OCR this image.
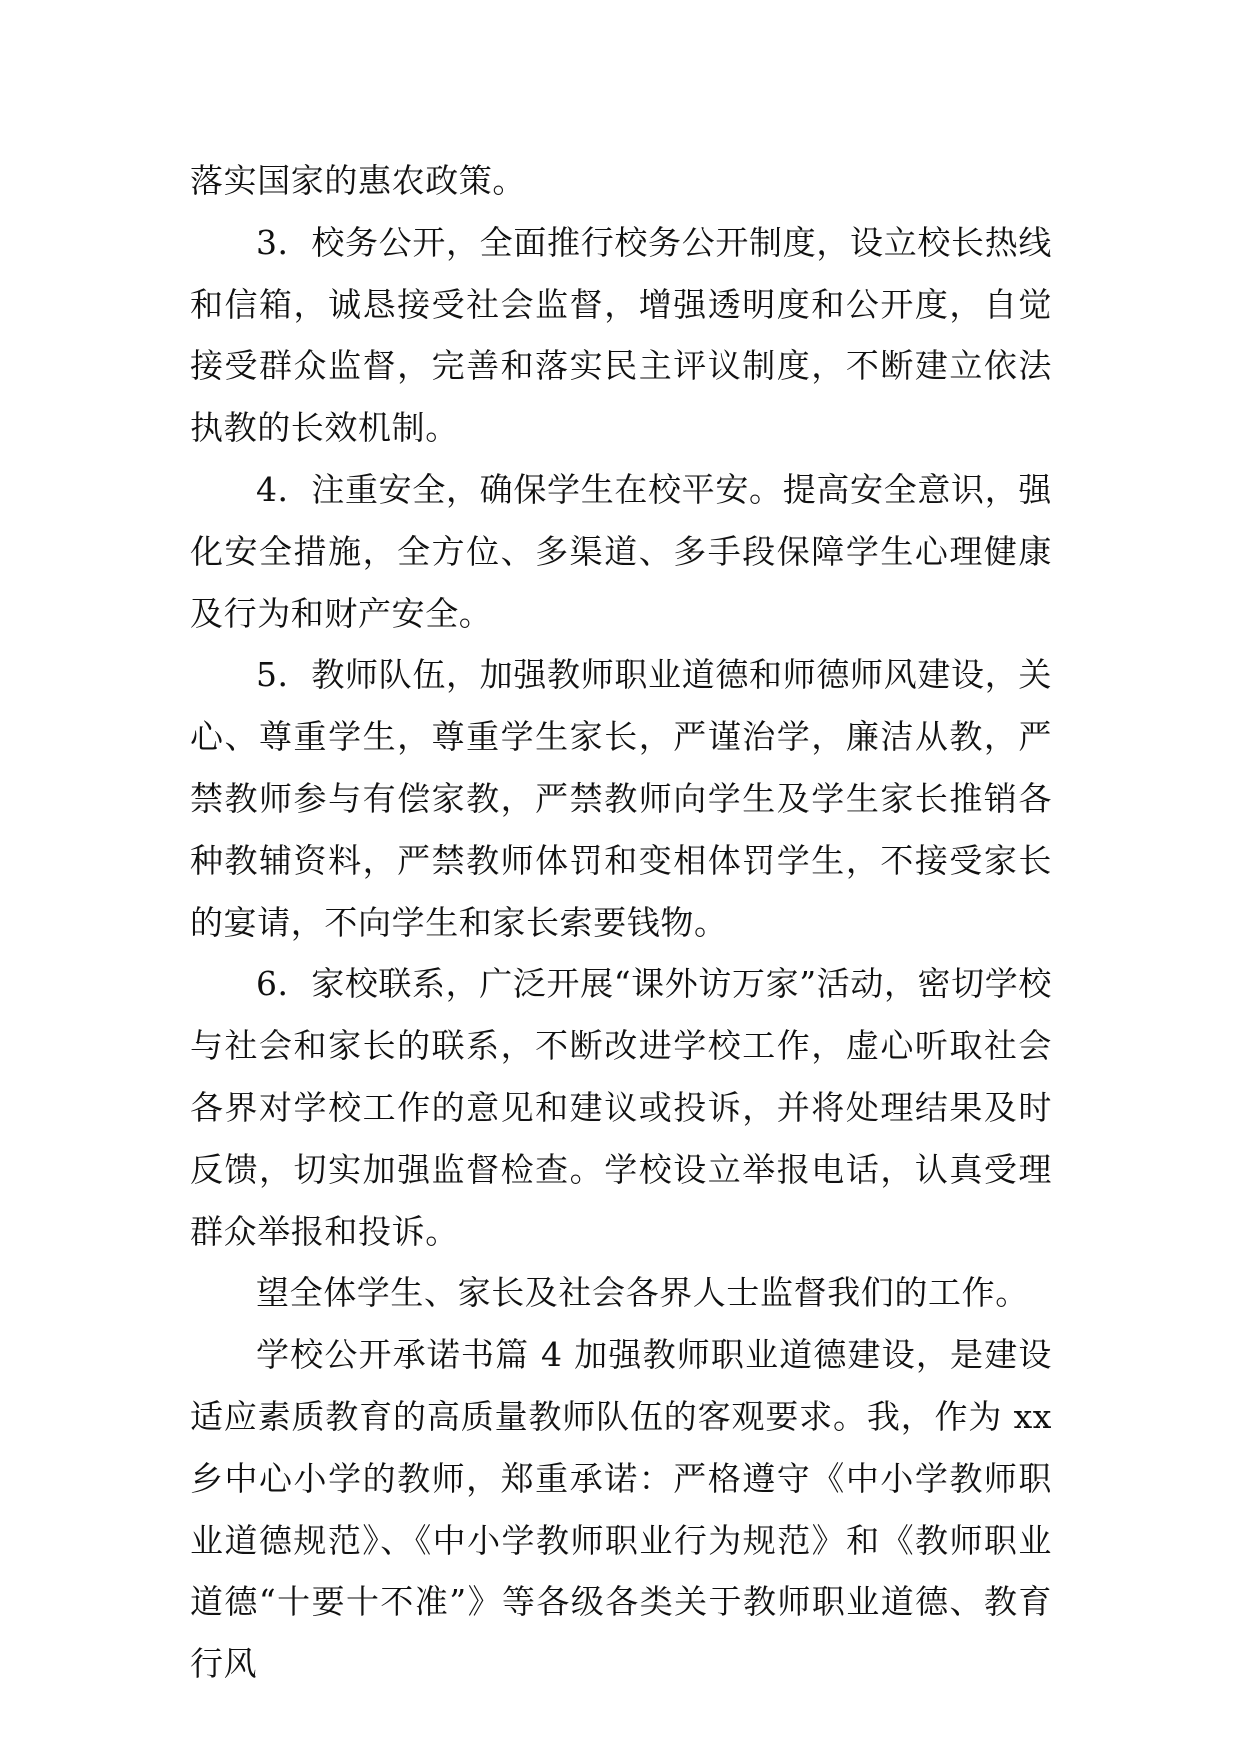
落实国家的惠农政策。

3．校务公开，全面推行校务公开制度，设立校长热线和信箱，诚恳接受社会监督，增强透明度和公开度，自觉接受群众监督，完善和落实民主评议制度，不断建立依法执教的长效机制。

4．注重安全，确保学生在校平安。提高安全意识，强化安全措施，全方位、多渠道、多手段保障学生心理健康及行为和财产安全。

5．教师队伍，加强教师职业道德和师德师风建设，关心、尊重学生，尊重学生家长，严谨治学，廉洁从教，严禁教师参与有偿家教，严禁教师向学生及学生家长推销各种教辅资料，严禁教师体罚和变相体罚学生，不接受家长的宴请，不向学生和家长索要钱物。

6．家校联系，广泛开展“课外访万家”活动，密切学校与社会和家长的联系，不断改进学校工作，虚心听取社会各界对学校工作的意见和建议或投诉，并将处理结果及时反馈，切实加强监督检查。学校设立举报电话，认真受理群众举报和投诉。

望全体学生、家长及社会各界人士监督我们的工作。

学校公开承诺书篇 4 加强教师职业道德建设，是建设适应素质教育的高质量教师队伍的客观要求。我，作为 xx 乡中心小学的教师，郑重承诺：严格遵守《中小学教师职业道德规范》、《中小学教师职业行为规范》和《教师职业道德“十要十不准”》等各级各类关于教师职业道德、教育行风
